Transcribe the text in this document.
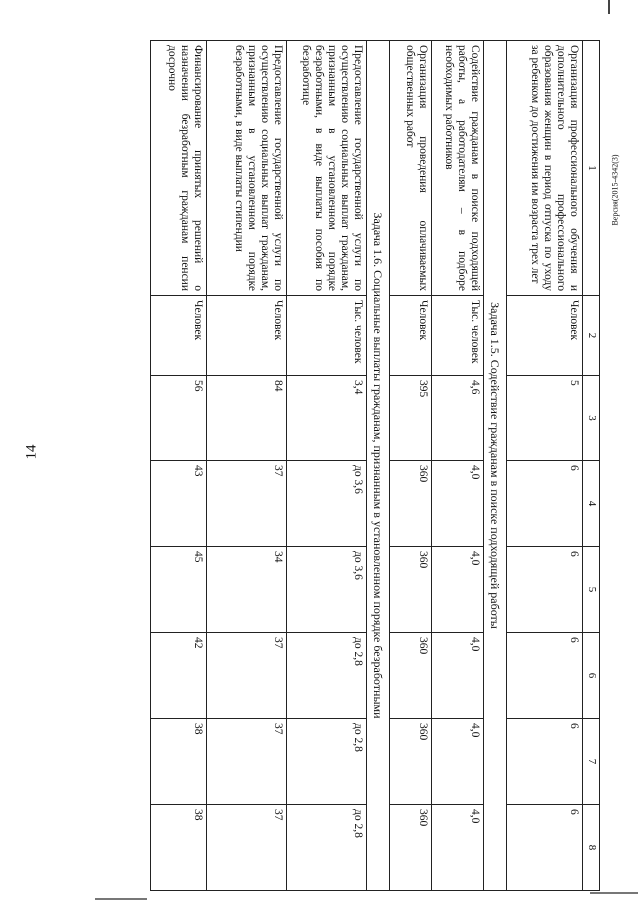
14
Версия(2015-4342(3)
1	2	3	4	5	6	7	8
Организация профессионального обучения и дополнительного профессионального образования женщин в период отпуска по уходу за ребенком до достижения им возраста трех лет	Человек	5	6	6	6	6	6
Задача 1.5. Содействие гражданам в поиске подходящей работы							
Содействие гражданам в поиске подходящей работы, а работодателям – в подборе необходимых работников	Тыс. человек	4,6	4,0	4,0	4,0	4,0	4,0
Организация проведения оплачиваемых общественных работ	Человек	395	360	360	360	360	360
Задача 1.6. Социальные выплаты гражданам, признанным в установленном порядке безработными							
Предоставление государственной услуги по осуществлению социальных выплат гражданам, признанным в установленном порядке безработными, в виде выплаты пособия по безработице	Тыс. человек	3,4	до 3,6	до 3,6	до 2,8	до 2,8	до 2,8
Предоставление государственной услуги по осуществлению социальных выплат гражданам, признанным в установленном порядке безработными, в виде выплаты стипендии	Человек	84	37	34	37	37	37
Финансирование принятых решений о назначении безработным гражданам пенсии досрочно	Человек	56	43	45	42	38	38
